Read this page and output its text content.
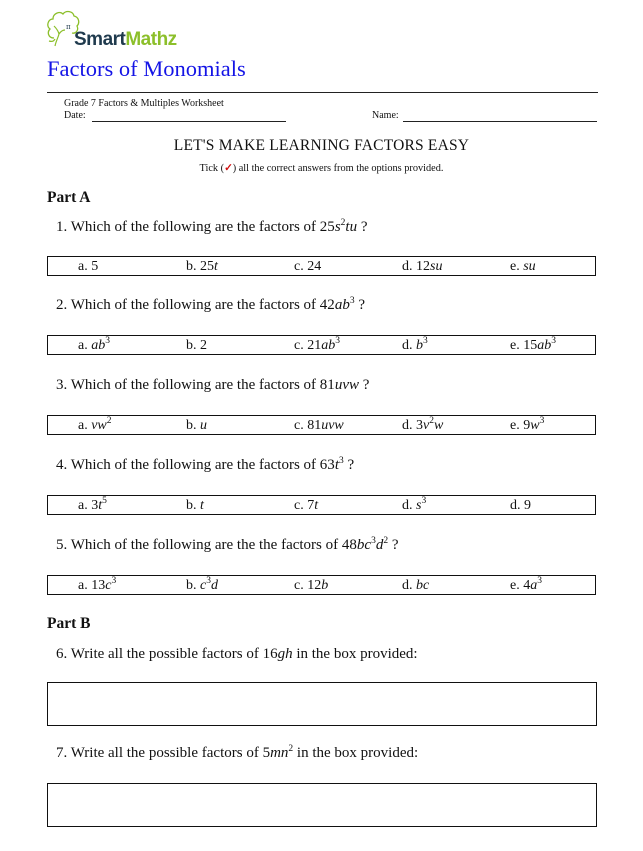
π
SmartMathz
Factors of Monomials
Grade 7 Factors & Multiples Worksheet
Date:	Name:
LET'S MAKE LEARNING FACTORS EASY
Tick (✓) all the correct answers from the options provided.
Part A
1. Which of the following are the factors of $25s^2tu$ ?
a. 5	b. 25t	c. 24	d. 12su	e. su
2. Which of the following are the factors of $42ab^3$ ?
a. $ab^3$	b. 2	c. $21ab^3$	d. $b^3$	e. $15ab^3$
3. Which of the following are the factors of 81uvw ?
a. $vw^2$	b. u	c. 81uvw	d. $3v^2w$	e. $9w^3$
4. Which of the following are the factors of $63t^3$ ?
a. $3t^5$	b. t	c. 7t	d. $s^3$	d. 9
5. Which of the following are the the factors of $48bc^3d^2$ ?
a. $13c^3$	b. $c^3d$	c. 12b	d. bc	e. $4a^3$
Part B
6. Write all the possible factors of 16gh in the box provided:
7. Write all the possible factors of $5mn^2$ in the box provided:
